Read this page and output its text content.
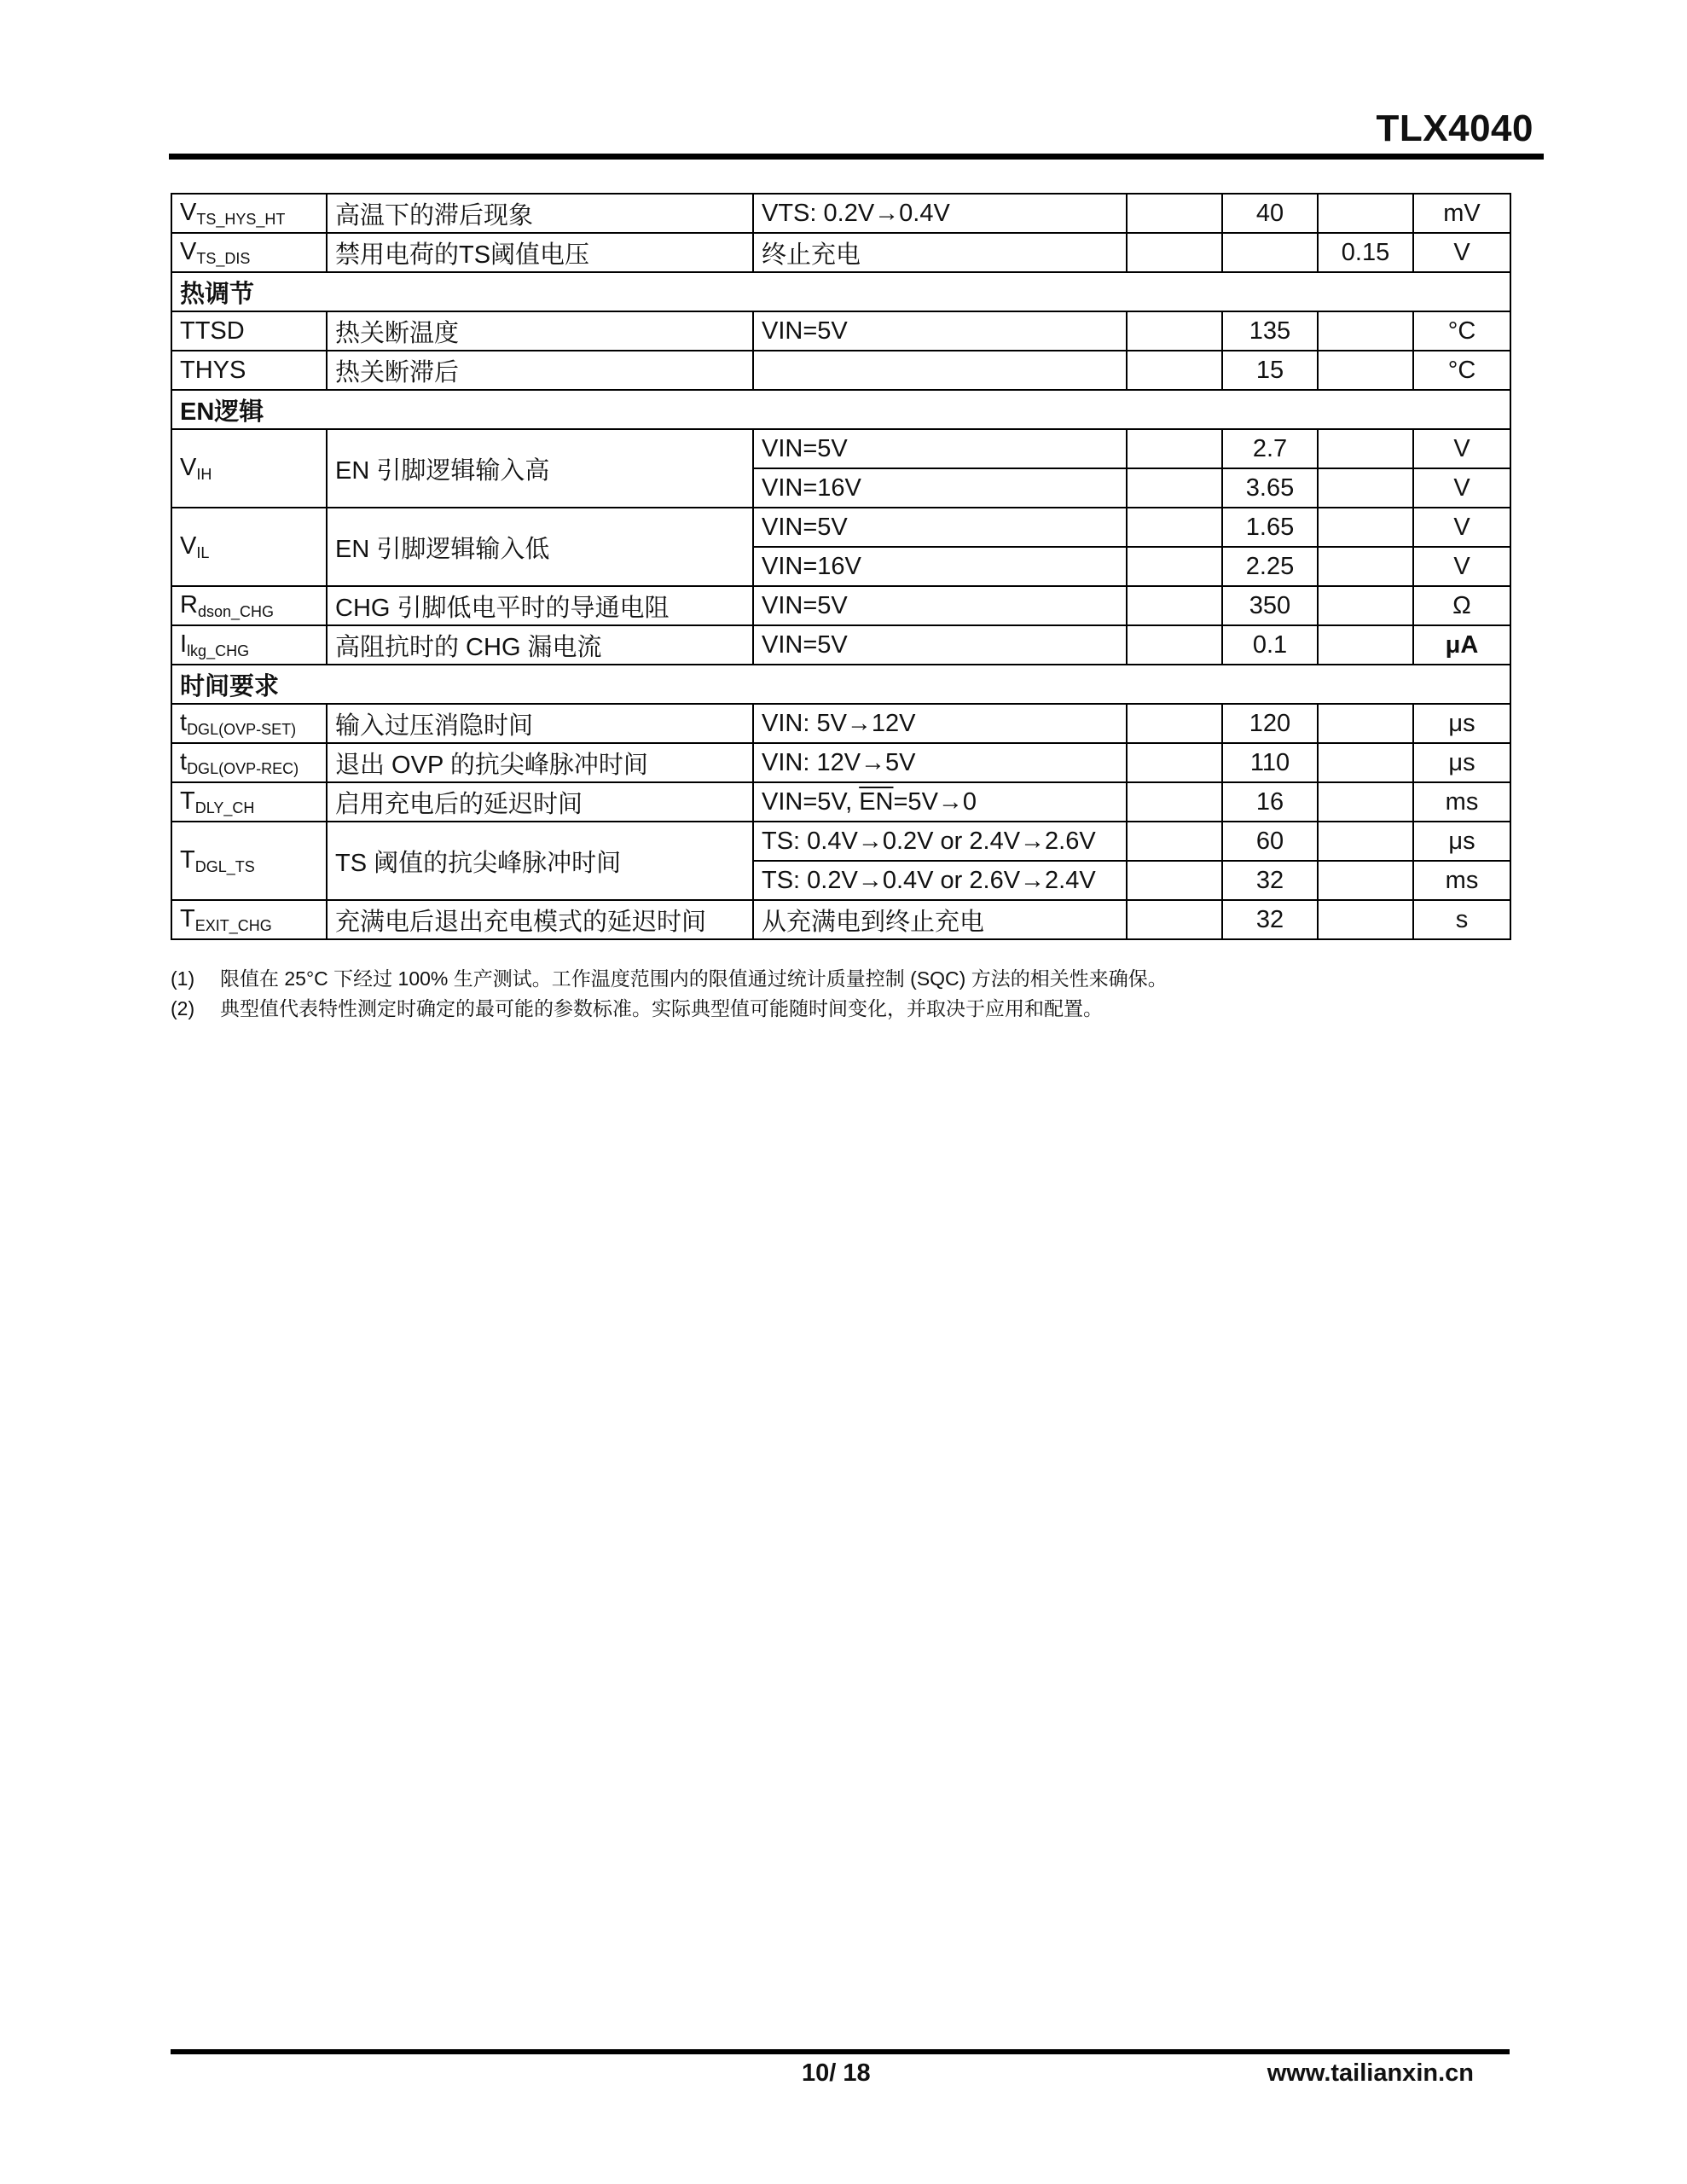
TLX4040
$V_{TS\_HYS\_HT}$	高温下的滞后现象	VTS: 0.2V→0.4V		40		mV
$V_{TS\_DIS}$	禁用电荷的TS阈值电压	终止充电			0.15	V
热调节						
TTSD	热关断温度	VIN=5V		135		°C
THYS	热关断滞后			15		°C
EN逻辑						
$V_{IH}$	EN 引脚逻辑输入高	VIN=5V		2.7		V
		VIN=16V		3.65		V
$V_{IL}$	EN 引脚逻辑输入低	VIN=5V		1.65		V
		VIN=16V		2.25		V
$R_{dson\_CHG}$	CHG 引脚低电平时的导通电阻	VIN=5V		350		Ω
$I_{lkg\_CHG}$	高阻抗时的 CHG 漏电流	VIN=5V		0.1		μA
时间要求						
$t_{DGL(OVP-SET)}$	输入过压消隐时间	VIN: 5V→12V		120		μs
$t_{DGL(OVP-REC)}$	退出 OVP 的抗尖峰脉冲时间	VIN: 12V→5V		110		μs
$T_{DLY\_CH}$	启用充电后的延迟时间	VIN=5V, $\overline{EN}=5V\to 0$		16		ms
$T_{DGL\_TS}$	TS 阈值的抗尖峰脉冲时间	TS: 0.4V→0.2V or 2.4V→2.6V		60		μs
		TS: 0.2V→0.4V or 2.6V→2.4V		32		ms
$T_{EXIT\_CHG}$	充满电后退出充电模式的延迟时间	从充满电到终止充电		32		s
(1) 限值在 25°C 下经过 100% 生产测试。工作温度范围内的限值通过统计质量控制 (SQC) 方法的相关性来确保。
(2) 典型值代表特性测定时确定的最可能的参数标准。实际典型值可能随时间变化，并取决于应用和配置。
10/ 18	www.tailianxin.cn
